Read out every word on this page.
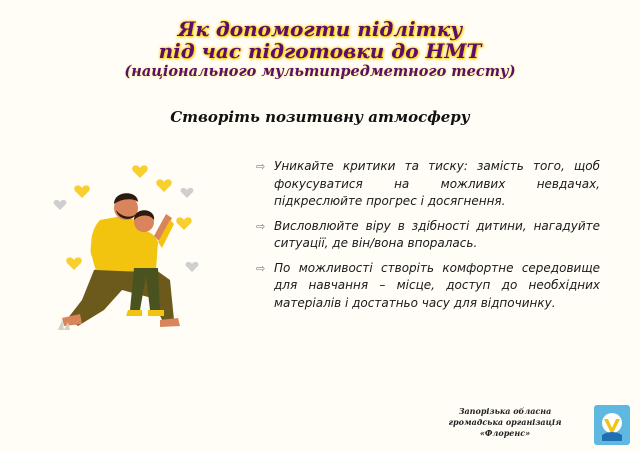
Як допомогти підлітку
під час підготовки до НМТ
(національного мультипредметного тесту)
Створіть позитивну атмосферу
⇨ Уникайте критики та тиску: замість того, щоб фокусуватися на можливих невдачах, підкреслюйте прогрес і досягнення.
⇨ Висловлюйте віру в здібності дитини, нагадуйте ситуації, де він/вона впоралась.
⇨ По можливості створіть комфортне середовище для навчання – місце, доступ до необхідних матеріалів і достатньо часу для відпочинку.
Запорізька обласна
громадська організація
«Флоренс»
